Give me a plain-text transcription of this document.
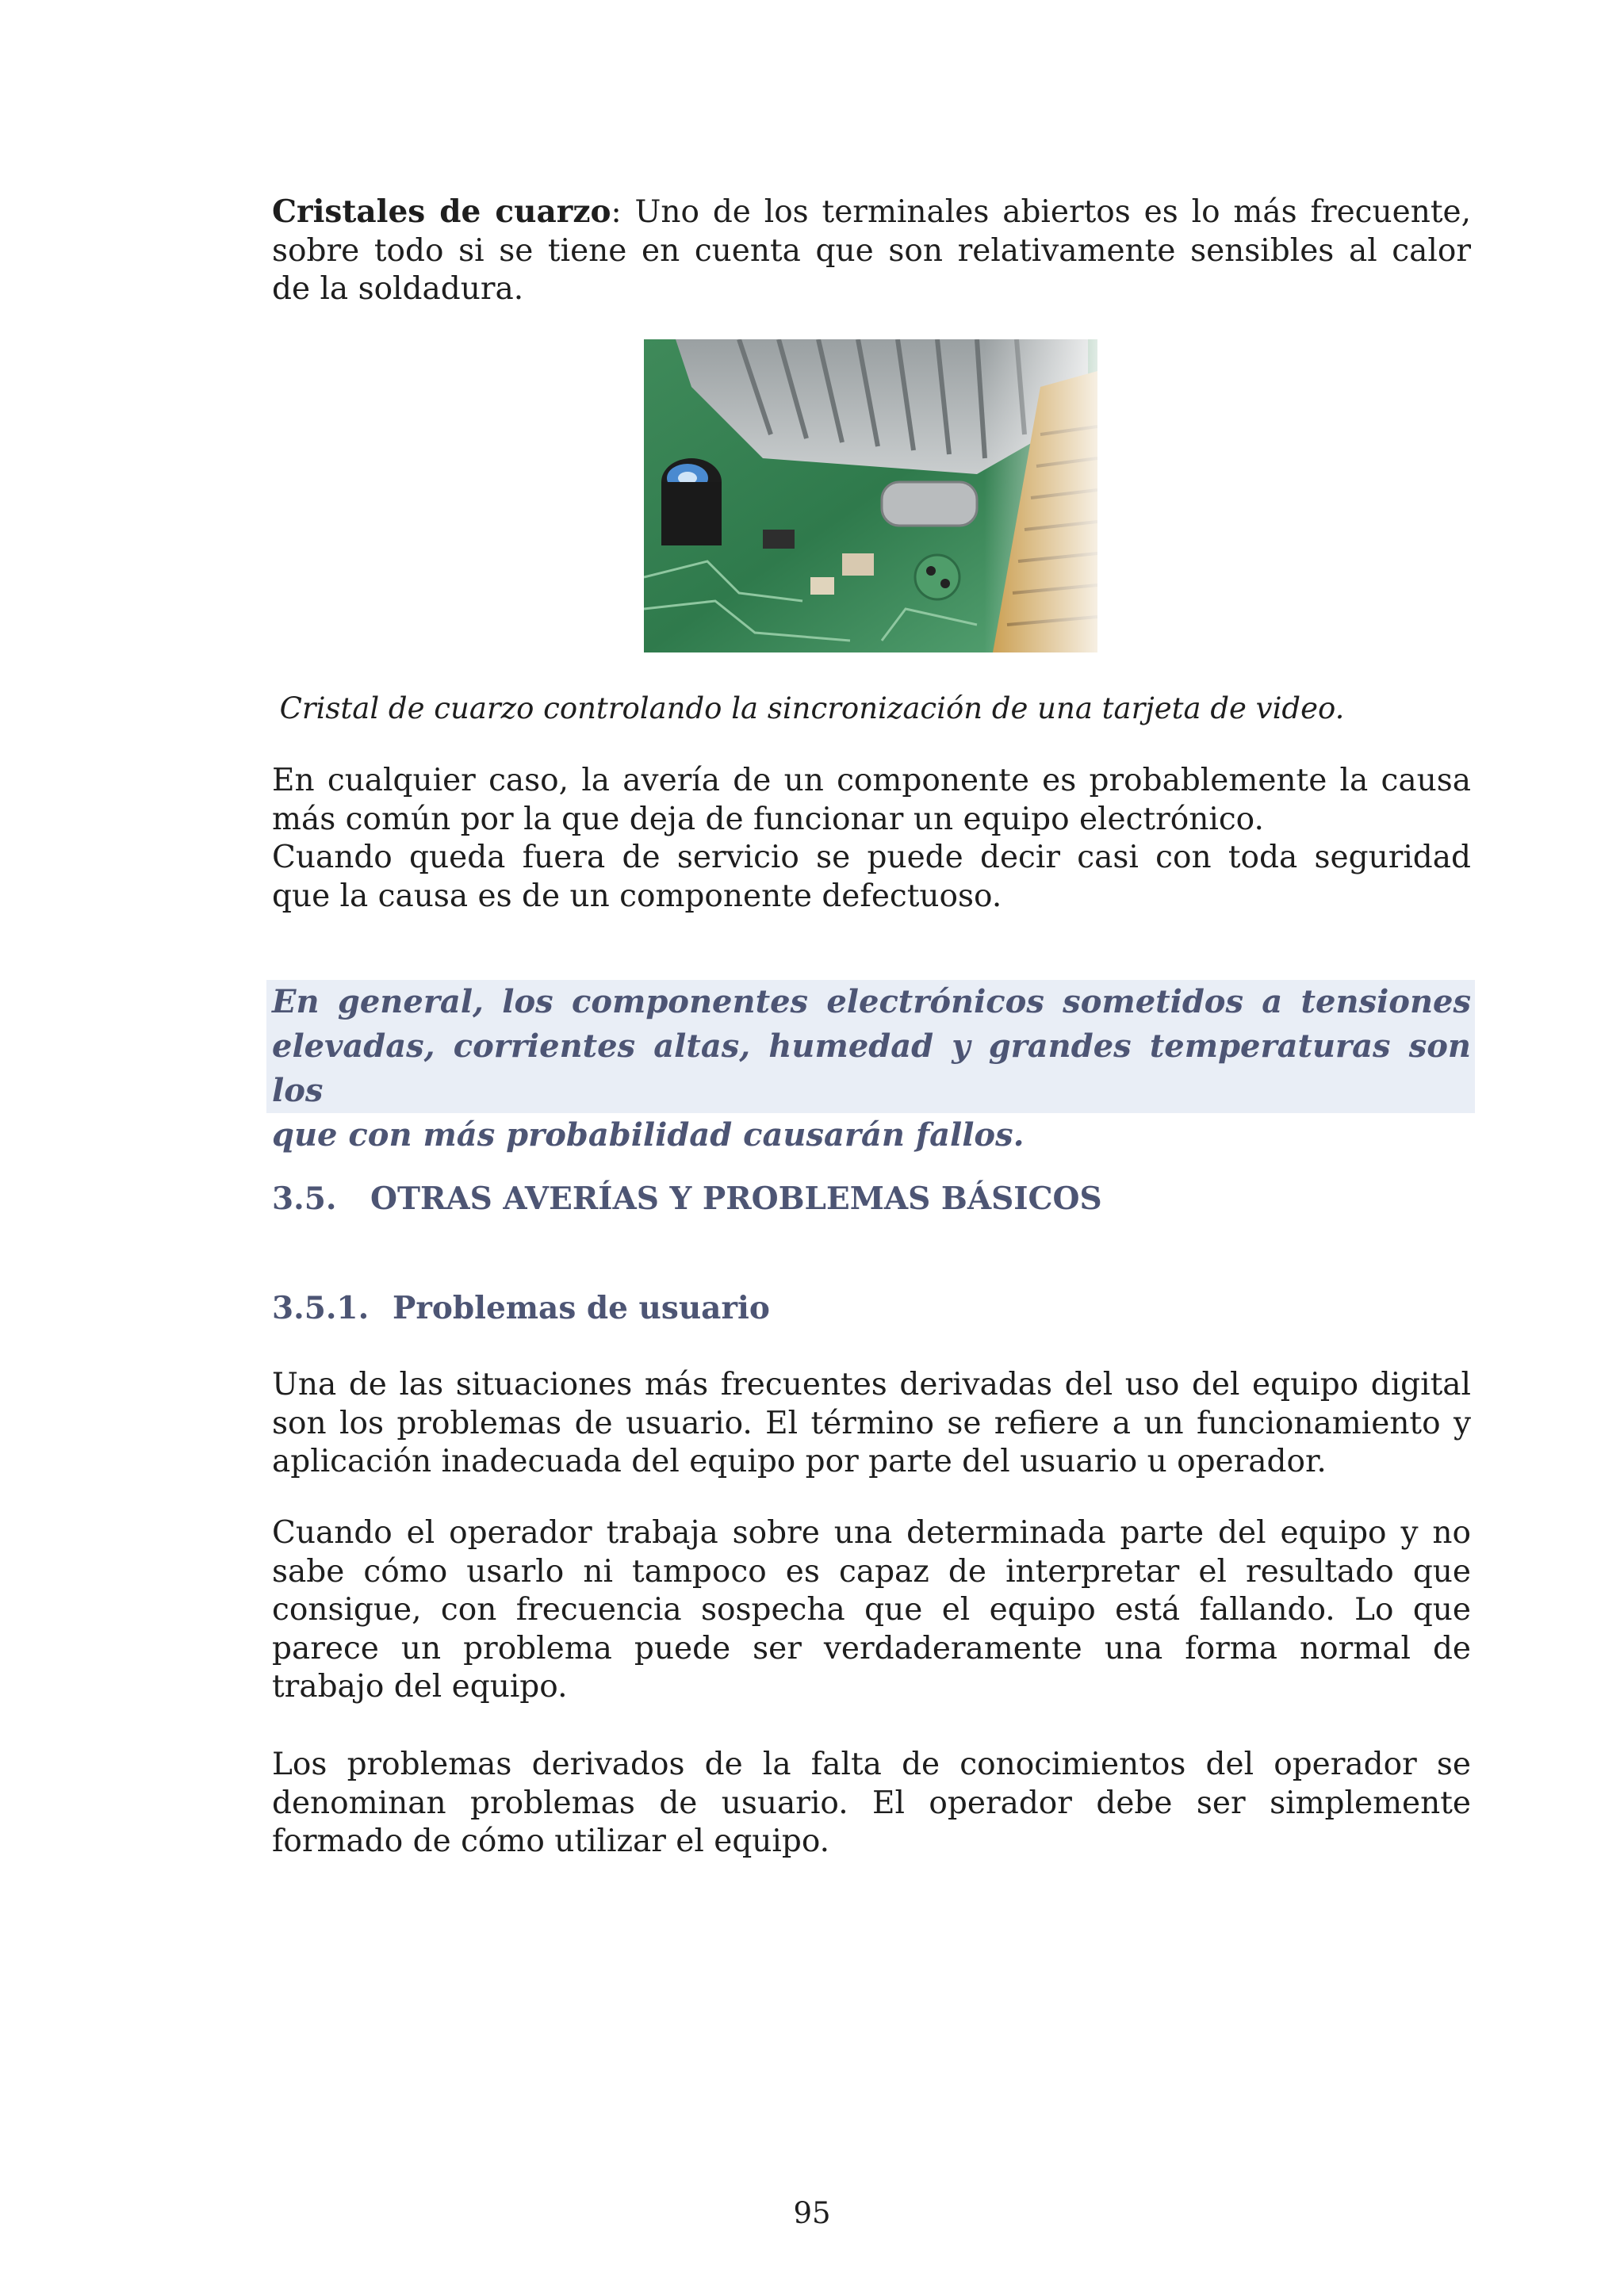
Cristales de cuarzo: Uno de los terminales abiertos es lo más frecuente,
sobre todo si se tiene en cuenta que son relativamente sensibles al calor
de la soldadura.

Cristal de cuarzo controlando la sincronización de una tarjeta de video.

En cualquier caso, la avería de un componente es probablemente la causa
más común por la que deja de funcionar un equipo electrónico.
Cuando queda fuera de servicio se puede decir casi con toda seguridad
que la causa es de un componente defectuoso.

En general, los componentes electrónicos sometidos a tensiones
elevadas, corrientes altas, humedad y grandes temperaturas son los
que con más probabilidad causarán fallos.
3.5. OTRAS AVERÍAS Y PROBLEMAS BÁSICOS
3.5.1. Problemas de usuario

Una de las situaciones más frecuentes derivadas del uso del equipo digital
son los problemas de usuario. El término se refiere a un funcionamiento y
aplicación inadecuada del equipo por parte del usuario u operador.

Cuando el operador trabaja sobre una determinada parte del equipo y no
sabe cómo usarlo ni tampoco es capaz de interpretar el resultado que
consigue, con frecuencia sospecha que el equipo está fallando. Lo que
parece un problema puede ser verdaderamente una forma normal de
trabajo del equipo.

Los problemas derivados de la falta de conocimientos del operador se
denominan problemas de usuario. El operador debe ser simplemente
formado de cómo utilizar el equipo.

95
